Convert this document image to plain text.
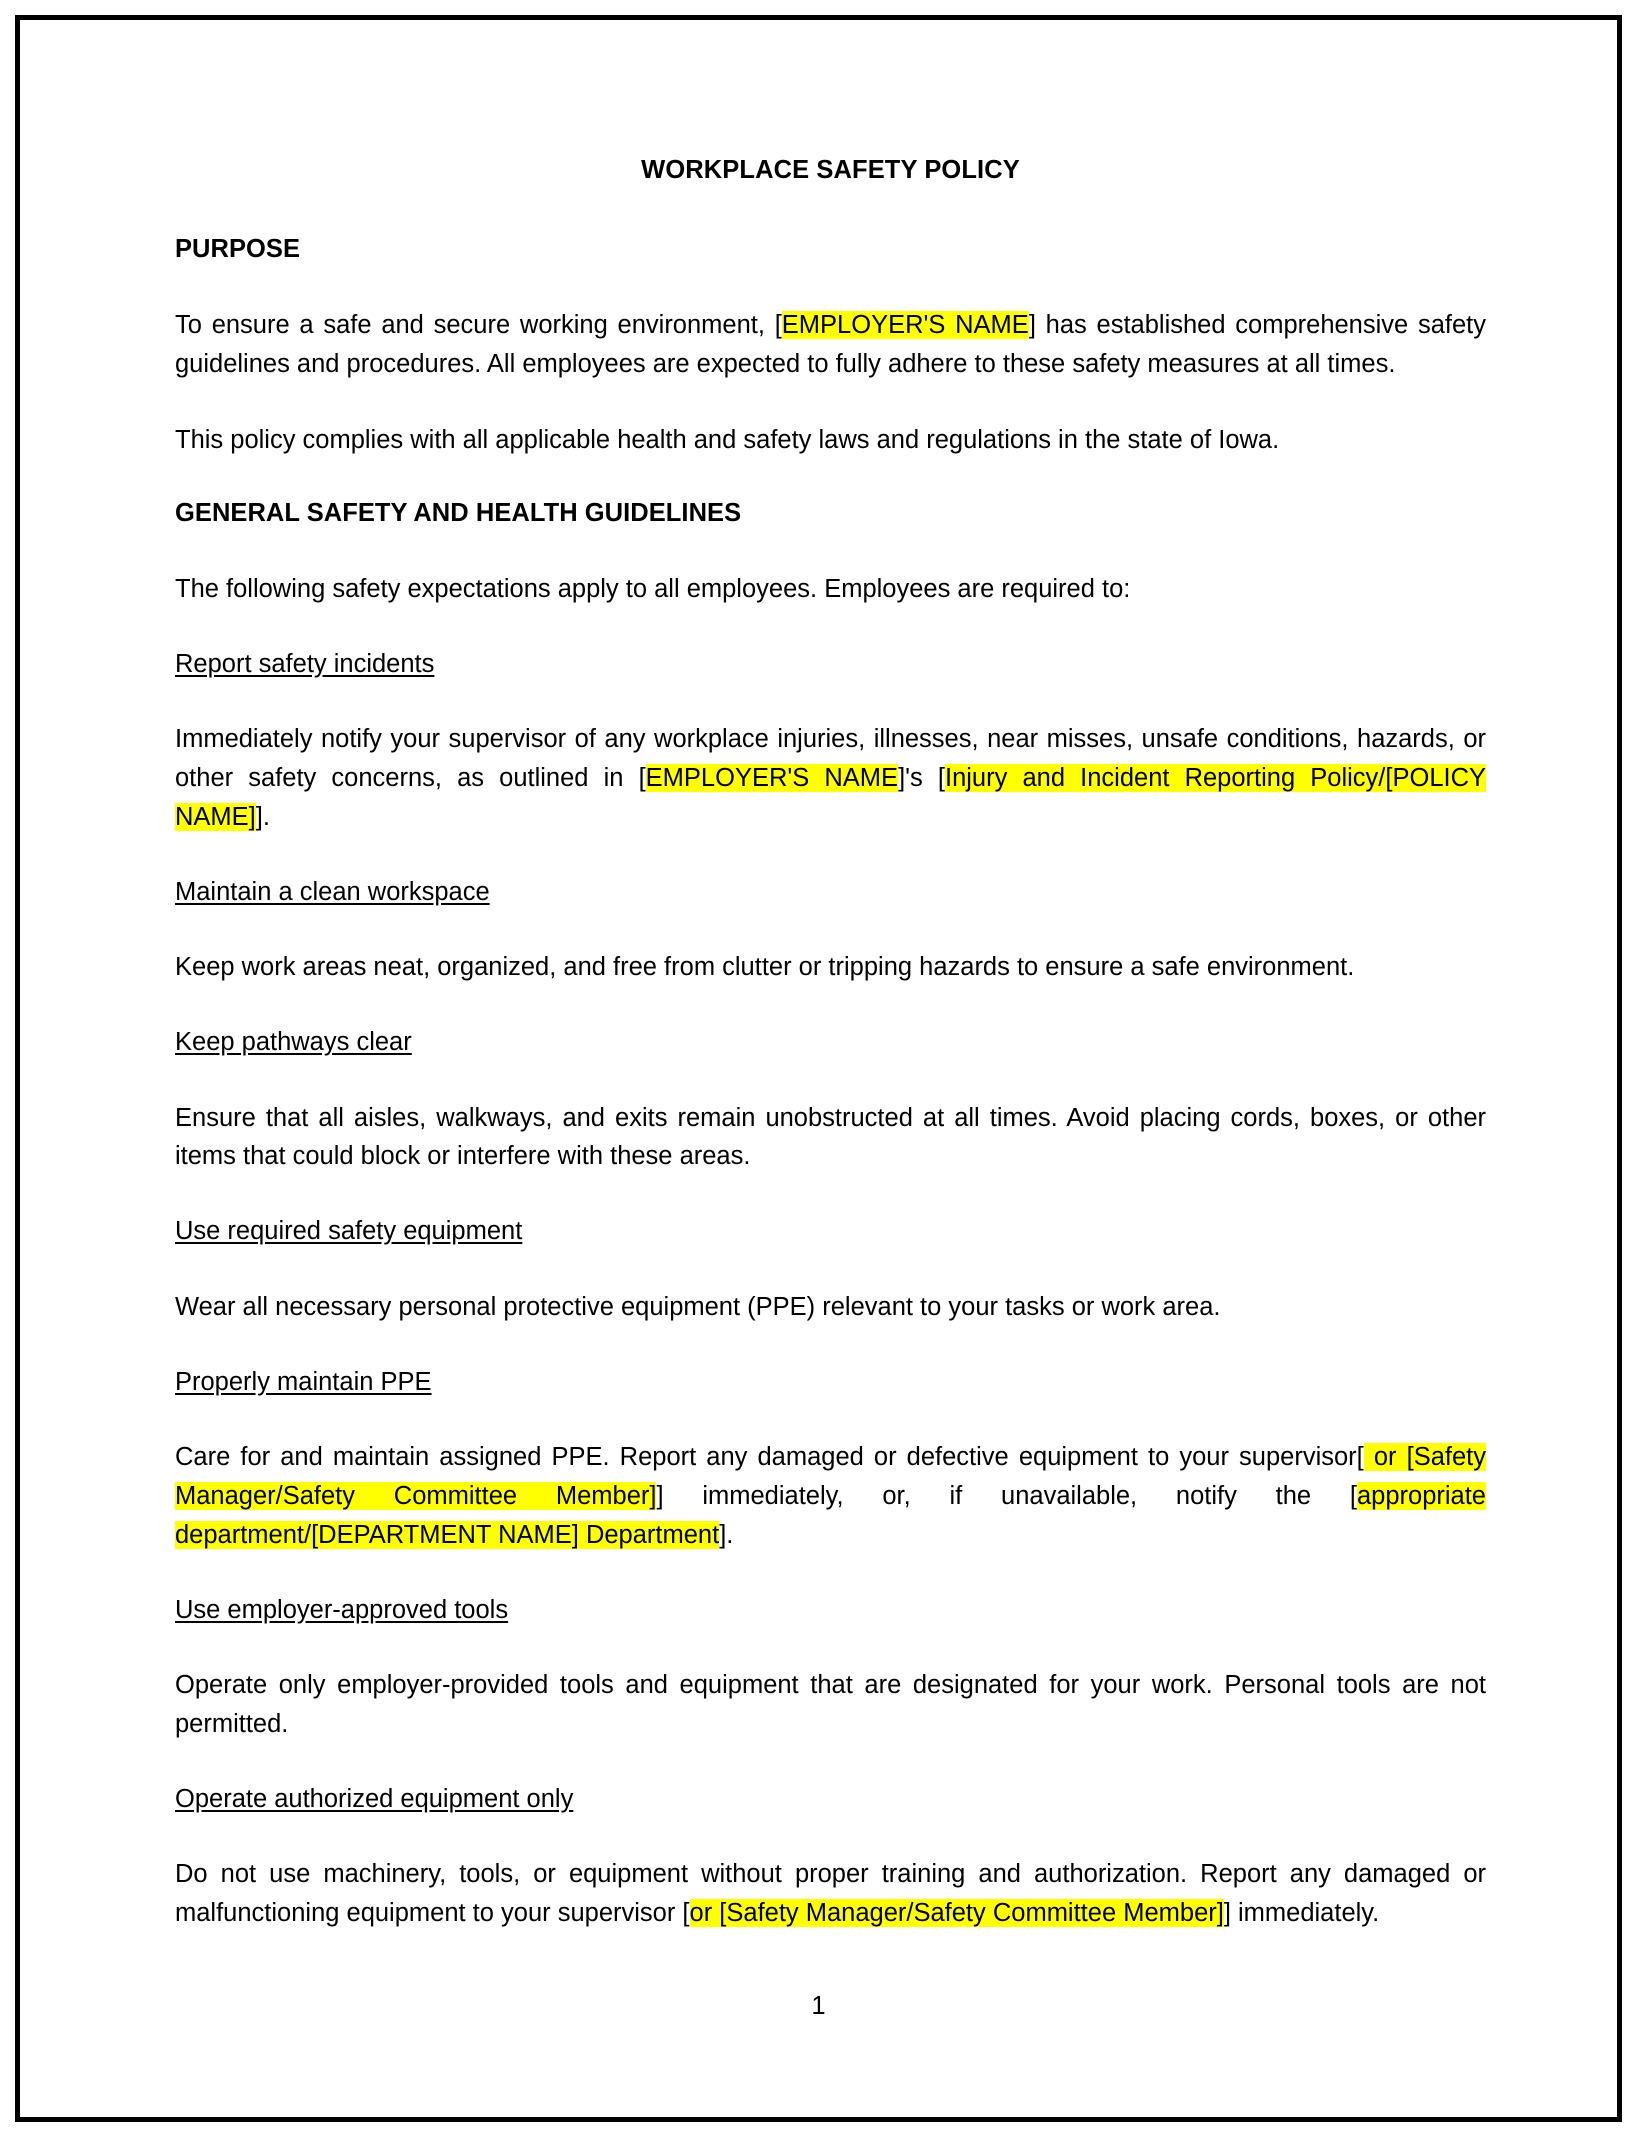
WORKPLACE SAFETY POLICY
PURPOSE

To ensure a safe and secure working environment, [EMPLOYER'S NAME] has established comprehensive safety guidelines and procedures. All employees are expected to fully adhere to these safety measures at all times.

This policy complies with all applicable health and safety laws and regulations in the state of Iowa.

GENERAL SAFETY AND HEALTH GUIDELINES

The following safety expectations apply to all employees. Employees are required to:

Report safety incidents

Immediately notify your supervisor of any workplace injuries, illnesses, near misses, unsafe conditions, hazards, or other safety concerns, as outlined in [EMPLOYER'S NAME]'s [Injury and Incident Reporting Policy/[POLICY NAME]].

Maintain a clean workspace

Keep work areas neat, organized, and free from clutter or tripping hazards to ensure a safe environment.

Keep pathways clear

Ensure that all aisles, walkways, and exits remain unobstructed at all times. Avoid placing cords, boxes, or other items that could block or interfere with these areas.

Use required safety equipment

Wear all necessary personal protective equipment (PPE) relevant to your tasks or work area.

Properly maintain PPE

Care for and maintain assigned PPE. Report any damaged or defective equipment to your supervisor[ or [Safety Manager/Safety Committee Member]] immediately, or, if unavailable, notify the [appropriate department/[DEPARTMENT NAME] Department].

Use employer-approved tools

Operate only employer-provided tools and equipment that are designated for your work. Personal tools are not permitted.

Operate authorized equipment only

Do not use machinery, tools, or equipment without proper training and authorization. Report any damaged or malfunctioning equipment to your supervisor [or [Safety Manager/Safety Committee Member]] immediately.

1
